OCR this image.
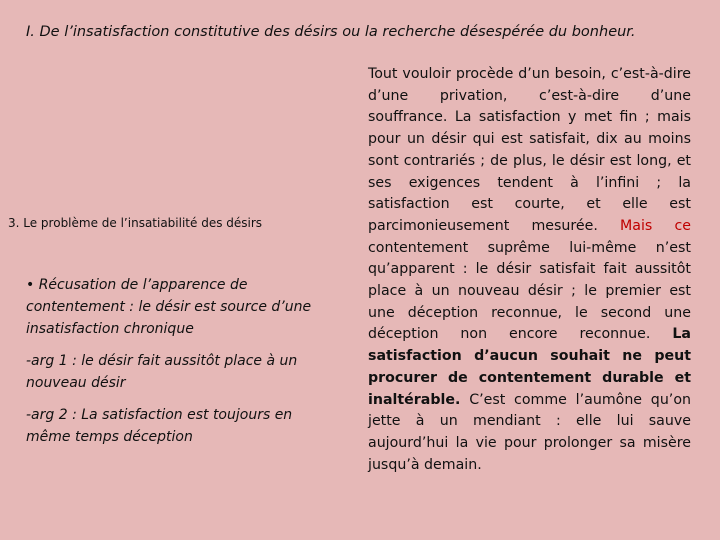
I. De l’insatisfaction constitutive des désirs ou la recherche désespérée du bonheur.
3. Le problème de l’insatiabilité des désirs
• Récusation de l’apparence de contentement : le désir est source d’une insatisfaction chronique
-arg 1 : le désir fait aussitôt place à un nouveau désir
-arg 2 : La satisfaction est toujours en même temps déception
Tout vouloir procède d’un besoin, c’est-à-dire d’une privation, c’est-à-dire d’une souffrance. La satisfaction y met fin ; mais pour un désir qui est satisfait, dix au moins sont contrariés ; de plus, le désir est long, et ses exigences tendent à l’infini ; la satisfaction est courte, et elle est parcimonieusement mesurée. Mais ce contentement suprême lui-même n’est qu’apparent : le désir satisfait fait aussitôt place à un nouveau désir ; le premier est une déception reconnue, le second une déception non encore reconnue. La satisfaction d’aucun souhait ne peut procurer de contentement durable et inaltérable. C’est comme l’aumône qu’on jette à un mendiant : elle lui sauve aujourd’hui la vie pour prolonger sa misère jusqu’à demain.
